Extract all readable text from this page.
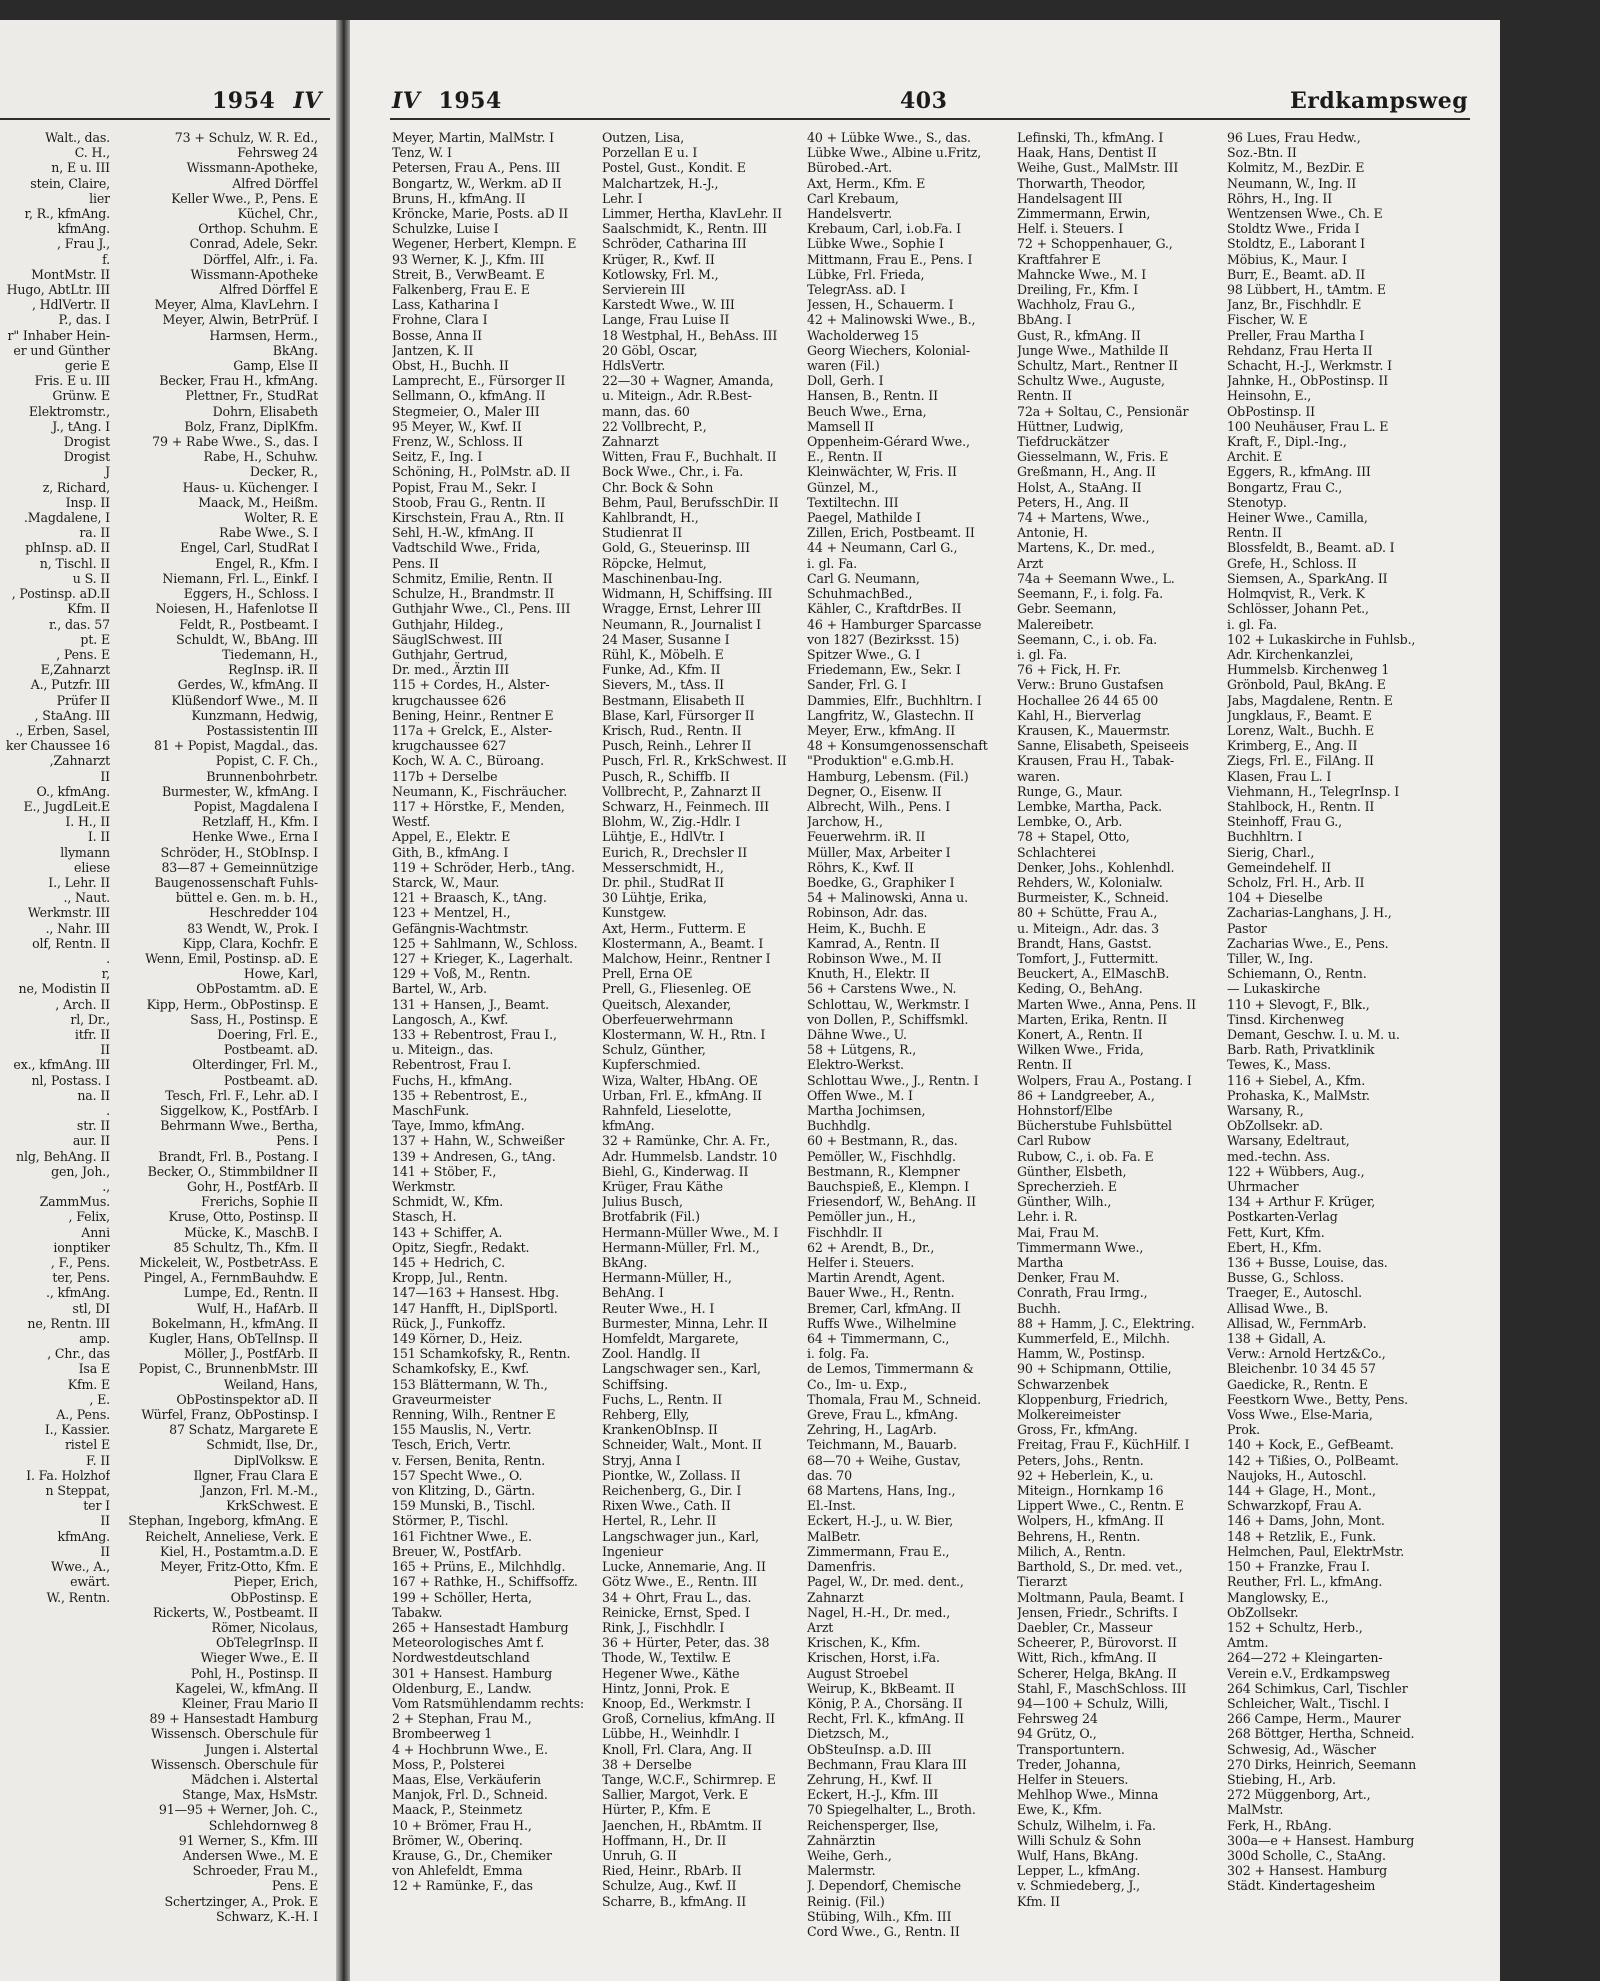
1954 IV
Walt., das.
C. H.,
n, E u. III
stein, Claire,
lier
r, R., kfmAng.
kfmAng.
, Frau J.,
f.
MontMstr. II
Hugo, AbtLtr. III
, HdlVertr. II
P., das. I
r" Inhaber Hein-
er und Günther
gerie E
Fris. E u. III
Grünw. E
Elektromstr.,
J., tAng. I
Drogist
Drogist
J
z, Richard,
Insp. II
.Magdalene, I
ra. II
phInsp. aD. II
n, Tischl. II
u S. II
, Postinsp. aD.II
Kfm. II
r., das. 57
pt. E
, Pens. E
E,Zahnarzt
A., Putzfr. III
Prüfer II
, StaAng. III
., Erben, Sasel,
ker Chaussee 16
,Zahnarzt
II
O., kfmAng.
E., JugdLeit.E
I. H., II
I. II
llymann
eliese
I., Lehr. II
., Naut.
Werkmstr. III
., Nahr. III
olf, Rentn. II
.
r,
ne, Modistin II
, Arch. II
rl, Dr.,
itfr. II
II
ex., kfmAng. III
nl, Postass. I
na. II
.
str. II
aur. II
nlg, BehAng. II
gen, Joh.,
.,
ZammMus.
, Felix,
Anni
ionptiker
, F., Pens.
ter, Pens.
., kfmAng.
stl, DI
ne, Rentn. III
amp.
, Chr., das
Isa E
Kfm. E
, E.
A., Pens.
I., Kassier.
ristel E
F. II
I. Fa. Holzhof
n Steppat,
ter I
II
kfmAng.
II
Wwe., A.,
ewärt.
W., Rentn.
73 + Schulz, W. R. Ed.,
Fehrsweg 24
Wissmann-Apotheke,
Alfred Dörffel
Keller Wwe., P., Pens. E
Küchel, Chr.,
Orthop. Schuhm. E
Conrad, Adele, Sekr.
Dörffel, Alfr., i. Fa.
Wissmann-Apotheke
Alfred Dörffel E
Meyer, Alma, KlavLehrn. I
Meyer, Alwin, BetrPrüf. I
Harmsen, Herm.,
BkAng.
Gamp, Else II
Becker, Frau H., kfmAng.
Plettner, Fr., StudRat
Dohrn, Elisabeth
Bolz, Franz, DiplKfm.
79 + Rabe Wwe., S., das. I
Rabe, H., Schuhw.
Decker, R.,
Haus- u. Küchenger. I
Maack, M., Heißm.
Wolter, R. E
Rabe Wwe., S. I
Engel, Carl, StudRat I
Engel, R., Kfm. I
Niemann, Frl. L., Einkf. I
Eggers, H., Schloss. I
Noiesen, H., Hafenlotse II
Feldt, R., Postbeamt. I
Schuldt, W., BbAng. III
Tiedemann, H.,
RegInsp. iR. II
Gerdes, W., kfmAng. II
Klüßendorf Wwe., M. II
Kunzmann, Hedwig,
Postassistentin III
81 + Popist, Magdal., das.
Popist, C. F. Ch.,
Brunnenbohrbetr.
Burmester, W., kfmAng. I
Popist, Magdalena I
Retzlaff, H., Kfm. I
Henke Wwe., Erna I
Schröder, H., StObInsp. I
83—87 + Gemeinnützige
Baugenossenschaft Fuhls-
büttel e. Gen. m. b. H.,
Heschredder 104
83 Wendt, W., Prok. I
Kipp, Clara, Kochfr. E
Wenn, Emil, Postinsp. aD. E
Howe, Karl,
ObPostamtm. aD. E
Kipp, Herm., ObPostinsp. E
Sass, H., Postinsp. E
Doering, Frl. E.,
Postbeamt. aD.
Olterdinger, Frl. M.,
Postbeamt. aD.
Tesch, Frl. F., Lehr. aD. I
Siggelkow, K., PostfArb. I
Behrmann Wwe., Bertha,
Pens. I
Brandt, Frl. B., Postang. I
Becker, O., Stimmbildner II
Gohr, H., PostfArb. II
Frerichs, Sophie II
Kruse, Otto, Postinsp. II
Mücke, K., MaschB. I
85 Schultz, Th., Kfm. II
Mickeleit, W., PostbetrAss. E
Pingel, A., FernmBauhdw. E
Lumpe, Ed., Rentn. II
Wulf, H., HafArb. II
Bokelmann, H., kfmAng. II
Kugler, Hans, ObTelInsp. II
Möller, J., PostfArb. II
Popist, C., BrunnenbMstr. III
Weiland, Hans,
ObPostinspektor aD. II
Würfel, Franz, ObPostinsp. I
87 Schatz, Margarete E
Schmidt, Ilse, Dr.,
DiplVolksw. E
Ilgner, Frau Clara E
Janzon, Frl. M.-M.,
KrkSchwest. E
Stephan, Ingeborg, kfmAng. E
Reichelt, Anneliese, Verk. E
Kiel, H., Postamtm.a.D. E
Meyer, Fritz-Otto, Kfm. E
Pieper, Erich,
ObPostinsp. E
Rickerts, W., Postbeamt. II
Römer, Nicolaus,
ObTelegrInsp. II
Wieger Wwe., E. II
Pohl, H., Postinsp. II
Kagelei, W., kfmAng. II
Kleiner, Frau Mario II
89 + Hansestadt Hamburg
Wissensch. Oberschule für
Jungen i. Alstertal
Wissensch. Oberschule für
Mädchen i. Alstertal
Stange, Max, HsMstr.
91—95 + Werner, Joh. C.,
Schlehdornweg 8
91 Werner, S., Kfm. III
Andersen Wwe., M. E
Schroeder, Frau M.,
Pens. E
Schertzinger, A., Prok. E
Schwarz, K.-H. I
IV 1954	403	Erdkampsweg
Meyer, Martin, MalMstr. I
Tenz, W. I
Petersen, Frau A., Pens. III
Bongartz, W., Werkm. aD II
Bruns, H., kfmAng. II
Kröncke, Marie, Posts. aD II
Schulzke, Luise I
Wegener, Herbert, Klempn. E
93 Werner, K. J., Kfm. III
Streit, B., VerwBeamt. E
Falkenberg, Frau E. E
Lass, Katharina I
Frohne, Clara I
Bosse, Anna II
Jantzen, K. II
Obst, H., Buchh. II
Lamprecht, E., Fürsorger II
Sellmann, O., kfmAng. II
Stegmeier, O., Maler III
95 Meyer, W., Kwf. II
Frenz, W., Schloss. II
Seitz, F., Ing. I
Schöning, H., PolMstr. aD. II
Popist, Frau M., Sekr. I
Stoob, Frau G., Rentn. II
Kirschstein, Frau A., Rtn. II
Sehl, H.-W., kfmAng. II
Vadtschild Wwe., Frida,
Pens. II
Schmitz, Emilie, Rentn. II
Schulze, H., Brandmstr. II
Guthjahr Wwe., Cl., Pens. III
Guthjahr, Hildeg.,
SäuglSchwest. III
Guthjahr, Gertrud,
Dr. med., Ärztin III
115 + Cordes, H., Alster-
krugchaussee 626
Bening, Heinr., Rentner E
117a + Grelck, E., Alster-
krugchaussee 627
Koch, W. A. C., Büroang.
117b + Derselbe
Neumann, K., Fischräucher.
117 + Hörstke, F., Menden,
Westf.
Appel, E., Elektr. E
Gith, B., kfmAng. I
119 + Schröder, Herb., tAng.
Starck, W., Maur.
121 + Braasch, K., tAng.
123 + Mentzel, H.,
Gefängnis-Wachtmstr.
125 + Sahlmann, W., Schloss.
127 + Krieger, K., Lagerhalt.
129 + Voß, M., Rentn.
Bartel, W., Arb.
131 + Hansen, J., Beamt.
Langosch, A., Kwf.
133 + Rebentrost, Frau I.,
u. Miteign., das.
Rebentrost, Frau I.
Fuchs, H., kfmAng.
135 + Rebentrost, E.,
MaschFunk.
Taye, Immo, kfmAng.
137 + Hahn, W., Schweißer
139 + Andresen, G., tAng.
141 + Stöber, F.,
Werkmstr.
Schmidt, W., Kfm.
Stasch, H.
143 + Schiffer, A.
Opitz, Siegfr., Redakt.
145 + Hedrich, C.
Kropp, Jul., Rentn.
147—163 + Hansest. Hbg.
147 Hanfft, H., DiplSportl.
Rück, J., Funkoffz.
149 Körner, D., Heiz.
151 Schamkofsky, R., Rentn.
Schamkofsky, E., Kwf.
153 Blättermann, W. Th.,
Graveurmeister
Renning, Wilh., Rentner E
155 Mauslis, N., Vertr.
Tesch, Erich, Vertr.
v. Fersen, Benita, Rentn.
157 Specht Wwe., O.
von Klitzing, D., Gärtn.
159 Munski, B., Tischl.
Störmer, P., Tischl.
161 Fichtner Wwe., E.
Breuer, W., PostfArb.
165 + Prüns, E., Milchhdlg.
167 + Rathke, H., Schiffsoffz.
199 + Schöller, Herta,
Tabakw.
265 + Hansestadt Hamburg
Meteorologisches Amt f.
Nordwestdeutschland
301 + Hansest. Hamburg
Oldenburg, E., Landw.
Vom Ratsmühlendamm rechts:
2 + Stephan, Frau M.,
Brombeerweg 1
4 + Hochbrunn Wwe., E.
Moss, P., Polsterei
Maas, Else, Verkäuferin
Manjok, Frl. D., Schneid.
Maack, P., Steinmetz
10 + Brömer, Frau H.,
Brömer, W., Oberinq.
Krause, G., Dr., Chemiker
von Ahlefeldt, Emma
12 + Ramünke, F., das
Outzen, Lisa,
Porzellan E u. I
Postel, Gust., Kondit. E
Malchartzek, H.-J.,
Lehr. I
Limmer, Hertha, KlavLehr. II
Saalschmidt, K., Rentn. III
Schröder, Catharina III
Krüger, R., Kwf. II
Kotlowsky, Frl. M.,
Servierein III
Karstedt Wwe., W. III
Lange, Frau Luise II
18 Westphal, H., BehAss. III
20 Göbl, Oscar,
HdlsVertr.
22—30 + Wagner, Amanda,
u. Miteign., Adr. R.Best-
mann, das. 60
22 Vollbrecht, P.,
Zahnarzt
Witten, Frau F., Buchhalt. II
Bock Wwe., Chr., i. Fa.
Chr. Bock & Sohn
Behm, Paul, BerufsschDir. II
Kahlbrandt, H.,
Studienrat II
Gold, G., Steuerinsp. III
Röpcke, Helmut,
Maschinenbau-Ing.
Widmann, H, Schiffsing. III
Wragge, Ernst, Lehrer III
Neumann, R., Journalist I
24 Maser, Susanne I
Rühl, K., Möbelh. E
Funke, Ad., Kfm. II
Sievers, M., tAss. II
Bestmann, Elisabeth II
Blase, Karl, Fürsorger II
Krisch, Rud., Rentn. II
Pusch, Reinh., Lehrer II
Pusch, Frl. R., KrkSchwest. II
Pusch, R., Schiffb. II
Vollbrecht, P., Zahnarzt II
Schwarz, H., Feinmech. III
Blohm, W., Zig.-Hdlr. I
Lühtje, E., HdlVtr. I
Eurich, R., Drechsler II
Messerschmidt, H.,
Dr. phil., StudRat II
30 Lühtje, Erika,
Kunstgew.
Axt, Herm., Futterm. E
Klostermann, A., Beamt. I
Malchow, Heinr., Rentner I
Prell, Erna OE
Prell, G., Fliesenleg. OE
Queitsch, Alexander,
Oberfeuerwehrmann
Klostermann, W. H., Rtn. I
Schulz, Günther,
Kupferschmied.
Wiza, Walter, HbAng. OE
Urban, Frl. E., kfmAng. II
Rahnfeld, Lieselotte,
kfmAng.
32 + Ramünke, Chr. A. Fr.,
Adr. Hummelsb. Landstr. 10
Biehl, G., Kinderwag. II
Krüger, Frau Käthe
Julius Busch,
Brotfabrik (Fil.)
Hermann-Müller Wwe., M. I
Hermann-Müller, Frl. M.,
BkAng.
Hermann-Müller, H.,
BehAng. I
Reuter Wwe., H. I
Burmester, Minna, Lehr. II
Homfeldt, Margarete,
Zool. Handlg. II
Langschwager sen., Karl,
Schiffsing.
Fuchs, L., Rentn. II
Rehberg, Elly,
KrankenObInsp. II
Schneider, Walt., Mont. II
Stryj, Anna I
Piontke, W., Zollass. II
Reichenberg, G., Dir. I
Rixen Wwe., Cath. II
Hertel, R., Lehr. II
Langschwager jun., Karl,
Ingenieur
Lucke, Annemarie, Ang. II
Götz Wwe., E., Rentn. III
34 + Ohrt, Frau L., das.
Reinicke, Ernst, Sped. I
Rink, J., Fischhdlr. I
36 + Hürter, Peter, das. 38
Thode, W., Textilw. E
Hegener Wwe., Käthe
Hintz, Jonni, Prok. E
Knoop, Ed., Werkmstr. I
Groß, Cornelius, kfmAng. II
Lübbe, H., Weinhdlr. I
Knoll, Frl. Clara, Ang. II
38 + Derselbe
Tange, W.C.F., Schirmrep. E
Sallier, Margot, Verk. E
Hürter, P., Kfm. E
Jaenchen, H., RbAmtm. II
Hoffmann, H., Dr. II
Unruh, G. II
Ried, Heinr., RbArb. II
Schulze, Aug., Kwf. II
Scharre, B., kfmAng. II
40 + Lübke Wwe., S., das.
Lübke Wwe., Albine u.Fritz,
Bürobed.-Art.
Axt, Herm., Kfm. E
Carl Krebaum,
Handelsvertr.
Krebaum, Carl, i.ob.Fa. I
Lübke Wwe., Sophie I
Mittmann, Frau E., Pens. I
Lübke, Frl. Frieda,
TelegrAss. aD. I
Jessen, H., Schauerm. I
42 + Malinowski Wwe., B.,
Wacholderweg 15
Georg Wiechers, Kolonial-
waren (Fil.)
Doll, Gerh. I
Hansen, B., Rentn. II
Beuch Wwe., Erna,
Mamsell II
Oppenheim-Gérard Wwe.,
E., Rentn. II
Kleinwächter, W, Fris. II
Günzel, M.,
Textiltechn. III
Paegel, Mathilde I
Zillen, Erich, Postbeamt. II
44 + Neumann, Carl G.,
i. gl. Fa.
Carl G. Neumann,
SchuhmachBed.,
Kähler, C., KraftdrBes. II
46 + Hamburger Sparcasse
von 1827 (Bezirksst. 15)
Spitzer Wwe., G. I
Friedemann, Ew., Sekr. I
Sander, Frl. G. I
Dammies, Elfr., Buchhltrn. I
Langfritz, W., Glastechn. II
Meyer, Erw., kfmAng. II
48 + Konsumgenossenschaft
"Produktion" e.G.mb.H.
Hamburg, Lebensm. (Fil.)
Degner, O., Eisenw. II
Albrecht, Wilh., Pens. I
Jarchow, H.,
Feuerwehrm. iR. II
Müller, Max, Arbeiter I
Röhrs, K., Kwf. II
Boedke, G., Graphiker I
54 + Malinowski, Anna u.
Robinson, Adr. das.
Heim, K., Buchh. E
Kamrad, A., Rentn. II
Robinson Wwe., M. II
Knuth, H., Elektr. II
56 + Carstens Wwe., N.
Schlottau, W., Werkmstr. I
von Dollen, P., Schiffsmkl.
Dähne Wwe., U.
58 + Lütgens, R.,
Elektro-Werkst.
Schlottau Wwe., J., Rentn. I
Offen Wwe., M. I
Martha Jochimsen,
Buchhdlg.
60 + Bestmann, R., das.
Pemöller, W., Fischhdlg.
Bestmann, R., Klempner
Bauchspieß, E., Klempn. I
Friesendorf, W., BehAng. II
Pemöller jun., H.,
Fischhdlr. II
62 + Arendt, B., Dr.,
Helfer i. Steuers.
Martin Arendt, Agent.
Bauer Wwe., H., Rentn.
Bremer, Carl, kfmAng. II
Ruffs Wwe., Wilhelmine
64 + Timmermann, C.,
i. folg. Fa.
de Lemos, Timmermann &
Co., Im- u. Exp.,
Thomala, Frau M., Schneid.
Greve, Frau L., kfmAng.
Zehring, H., LagArb.
Teichmann, M., Bauarb.
68—70 + Weihe, Gustav,
das. 70
68 Martens, Hans, Ing.,
El.-Inst.
Eckert, H.-J., u. W. Bier,
MalBetr.
Zimmermann, Frau E.,
Damenfris.
Pagel, W., Dr. med. dent.,
Zahnarzt
Nagel, H.-H., Dr. med.,
Arzt
Krischen, K., Kfm.
Krischen, Horst, i.Fa.
August Stroebel
Weirup, K., BkBeamt. II
König, P. A., Chorsäng. II
Recht, Frl. K., kfmAng. II
Dietzsch, M.,
ObSteuInsp. a.D. III
Bechmann, Frau Klara III
Zehrung, H., Kwf. II
Eckert, H.-J., Kfm. III
70 Spiegelhalter, L., Broth.
Reichensperger, Ilse,
Zahnärztin
Weihe, Gerh.,
Malermstr.
J. Dependorf, Chemische
Reinig. (Fil.)
Stübing, Wilh., Kfm. III
Cord Wwe., G., Rentn. II
Lefinski, Th., kfmAng. I
Haak, Hans, Dentist II
Weihe, Gust., MalMstr. III
Thorwarth, Theodor,
Handelsagent III
Zimmermann, Erwin,
Helf. i. Steuers. I
72 + Schoppenhauer, G.,
Kraftfahrer E
Mahncke Wwe., M. I
Dreiling, Fr., Kfm. I
Wachholz, Frau G.,
BbAng. I
Gust, R., kfmAng. II
Junge Wwe., Mathilde II
Schultz, Mart., Rentner II
Schultz Wwe., Auguste,
Rentn. II
72a + Soltau, C., Pensionär
Hüttner, Ludwig,
Tiefdruckätzer
Giesselmann, W., Fris. E
Greßmann, H., Ang. II
Holst, A., StaAng. II
Peters, H., Ang. II
74 + Martens, Wwe.,
Antonie, H.
Martens, K., Dr. med.,
Arzt
74a + Seemann Wwe., L.
Seemann, F., i. folg. Fa.
Gebr. Seemann,
Malereibetr.
Seemann, C., i. ob. Fa.
i. gl. Fa.
76 + Fick, H. Fr.
Verw.: Bruno Gustafsen
Hochallee 26 44 65 00
Kahl, H., Bierverlag
Krausen, K., Mauermstr.
Sanne, Elisabeth, Speiseeis
Krausen, Frau H., Tabak-
waren.
Runge, G., Maur.
Lembke, Martha, Pack.
Lembke, O., Arb.
78 + Stapel, Otto,
Schlachterei
Denker, Johs., Kohlenhdl.
Rehders, W., Kolonialw.
Burmeister, K., Schneid.
80 + Schütte, Frau A.,
u. Miteign., Adr. das. 3
Brandt, Hans, Gastst.
Tomfort, J., Futtermitt.
Beuckert, A., ElMaschB.
Keding, O., BehAng.
Marten Wwe., Anna, Pens. II
Marten, Erika, Rentn. II
Konert, A., Rentn. II
Wilken Wwe., Frida,
Rentn. II
Wolpers, Frau A., Postang. I
86 + Landgreeber, A.,
Hohnstorf/Elbe
Bücherstube Fuhlsbüttel
Carl Rubow
Rubow, C., i. ob. Fa. E
Günther, Elsbeth,
Sprecherzieh. E
Günther, Wilh.,
Lehr. i. R.
Mai, Frau M.
Timmermann Wwe.,
Martha
Denker, Frau M.
Conrath, Frau Irmg.,
Buchh.
88 + Hamm, J. C., Elektring.
Kummerfeld, E., Milchh.
Hamm, W., Postinsp.
90 + Schipmann, Ottilie,
Schwarzenbek
Kloppenburg, Friedrich,
Molkereimeister
Gross, Fr., kfmAng.
Freitag, Frau F., KüchHilf. I
Peters, Johs., Rentn.
92 + Heberlein, K., u.
Miteign., Hornkamp 16
Lippert Wwe., C., Rentn. E
Wolpers, H., kfmAng. II
Behrens, H., Rentn.
Milich, A., Rentn.
Barthold, S., Dr. med. vet.,
Tierarzt
Moltmann, Paula, Beamt. I
Jensen, Friedr., Schrifts. I
Daebler, Cr., Masseur
Scheerer, P., Bürovorst. II
Witt, Rich., kfmAng. II
Scherer, Helga, BkAng. II
Stahl, F., MaschSchloss. III
94—100 + Schulz, Willi,
Fehrsweg 24
94 Grütz, O.,
Transportuntern.
Treder, Johanna,
Helfer in Steuers.
Mehlhop Wwe., Minna
Ewe, K., Kfm.
Schulz, Wilhelm, i. Fa.
Willi Schulz & Sohn
Wulf, Hans, BkAng.
Lepper, L., kfmAng.
v. Schmiedeberg, J.,
Kfm. II
96 Lues, Frau Hedw.,
Soz.-Btn. II
Kolmitz, M., BezDir. E
Neumann, W., Ing. II
Röhrs, H., Ing. II
Wentzensen Wwe., Ch. E
Stoldtz Wwe., Frida I
Stoldtz, E., Laborant I
Möbius, K., Maur. I
Burr, E., Beamt. aD. II
98 Lübbert, H., tAmtm. E
Janz, Br., Fischhdlr. E
Fischer, W. E
Preller, Frau Martha I
Rehdanz, Frau Herta II
Schacht, H.-J., Werkmstr. I
Jahnke, H., ObPostinsp. II
Heinsohn, E.,
ObPostinsp. II
100 Neuhäuser, Frau L. E
Kraft, F., Dipl.-Ing.,
Archit. E
Eggers, R., kfmAng. III
Bongartz, Frau C.,
Stenotyp.
Heiner Wwe., Camilla,
Rentn. II
Blossfeldt, B., Beamt. aD. I
Grefe, H., Schloss. II
Siemsen, A., SparkAng. II
Holmqvist, R., Verk. K
Schlösser, Johann Pet.,
i. gl. Fa.
102 + Lukaskirche in Fuhlsb.,
Adr. Kirchenkanzlei,
Hummelsb. Kirchenweg 1
Grönbold, Paul, BkAng. E
Jabs, Magdalene, Rentn. E
Jungklaus, F., Beamt. E
Lorenz, Walt., Buchh. E
Krimberg, E., Ang. II
Ziegs, Frl. E., FilAng. II
Klasen, Frau L. I
Viehmann, H., TelegrInsp. I
Stahlbock, H., Rentn. II
Steinhoff, Frau G.,
Buchhltrn. I
Sierig, Charl.,
Gemeindehelf. II
Scholz, Frl. H., Arb. II
104 + Dieselbe
Zacharias-Langhans, J. H.,
Pastor
Zacharias Wwe., E., Pens.
Tiller, W., Ing.
Schiemann, O., Rentn.
— Lukaskirche
110 + Slevogt, F., Blk.,
Tinsd. Kirchenweg
Demant, Geschw. I. u. M. u.
Barb. Rath, Privatklinik
Tewes, K., Mass.
116 + Siebel, A., Kfm.
Prohaska, K., MalMstr.
Warsany, R.,
ObZollsekr. aD.
Warsany, Edeltraut,
med.-techn. Ass.
122 + Wübbers, Aug.,
Uhrmacher
134 + Arthur F. Krüger,
Postkarten-Verlag
Fett, Kurt, Kfm.
Ebert, H., Kfm.
136 + Busse, Louise, das.
Busse, G., Schloss.
Traeger, E., Autoschl.
Allisad Wwe., B.
Allisad, W., FernmArb.
138 + Gidall, A.
Verw.: Arnold Hertz&Co.,
Bleichenbr. 10 34 45 57
Gaedicke, R., Rentn. E
Feestkorn Wwe., Betty, Pens.
Voss Wwe., Else-Maria,
Prok.
140 + Kock, E., GefBeamt.
142 + Tißies, O., PolBeamt.
Naujoks, H., Autoschl.
144 + Glage, H., Mont.,
Schwarzkopf, Frau A.
146 + Dams, John, Mont.
148 + Retzlik, E., Funk.
Helmchen, Paul, ElektrMstr.
150 + Franzke, Frau I.
Reuther, Frl. L., kfmAng.
Manglowsky, E.,
ObZollsekr.
152 + Schultz, Herb.,
Amtm.
264—272 + Kleingarten-
Verein e.V., Erdkampsweg
264 Schimkus, Carl, Tischler
Schleicher, Walt., Tischl. I
266 Campe, Herm., Maurer
268 Böttger, Hertha, Schneid.
Schwesig, Ad., Wäscher
270 Dirks, Heinrich, Seemann
Stiebing, H., Arb.
272 Müggenborg, Art.,
MalMstr.
Ferk, H., RbAng.
300a—e + Hansest. Hamburg
300d Scholle, C., StaAng.
302 + Hansest. Hamburg
Städt. Kindertagesheim
